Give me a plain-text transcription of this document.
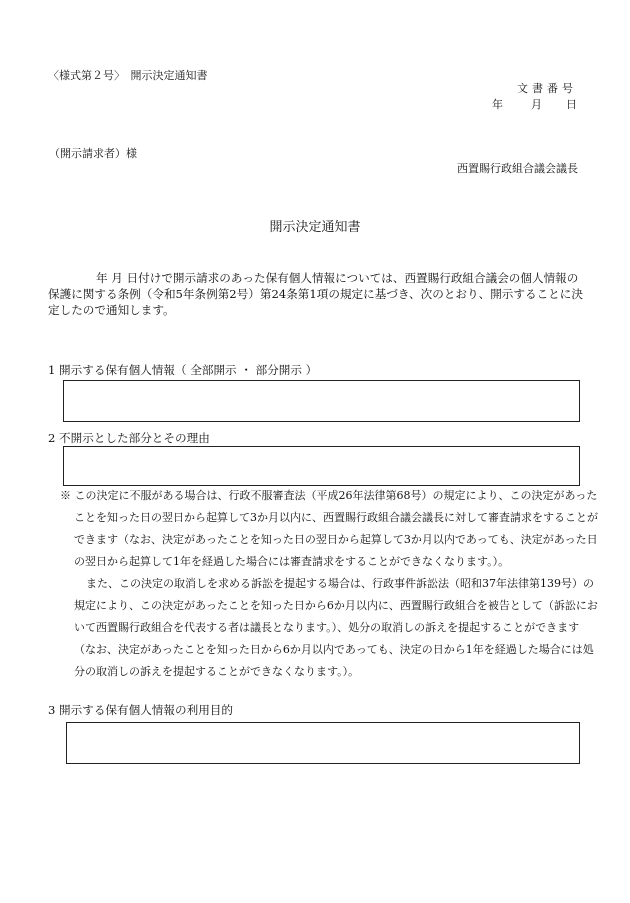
〈様式第２号〉　開示決定通知書
文書番号
年	月 日
（開示請求者）様
西置賜行政組合議会議長
開示決定通知書
年 月 日付けで開示請求のあった保有個人情報については、西置賜行政組合議会の個人情報の保護に関する条例（令和5年条例第2号）第24条第1項の規定に基づき、次のとおり、開示することに決定したので通知します。
1 開示する保有個人情報（ 全部開示 ・ 部分開示 ）
2 不開示とした部分とその理由
※ この決定に不服がある場合は、行政不服審査法（平成26年法律第68号）の規定により、この決定があったことを知った日の翌日から起算して3か月以内に、西置賜行政組合議会議長に対して審査請求をすることができます（なお、決定があったことを知った日の翌日から起算して3か月以内であっても、決定があった日の翌日から起算して1年を経過した場合には審査請求をすることができなくなります。）。
また、この決定の取消しを求める訴訟を提起する場合は、行政事件訴訟法（昭和37年法律第139号）の規定により、この決定があったことを知った日から6か月以内に、西置賜行政組合を被告として（訴訟において西置賜行政組合を代表する者は議長となります。）、処分の取消しの訴えを提起することができます（なお、決定があったことを知った日から6か月以内であっても、決定の日から1年を経過した場合には処分の取消しの訴えを提起することができなくなります。）。
3 開示する保有個人情報の利用目的
